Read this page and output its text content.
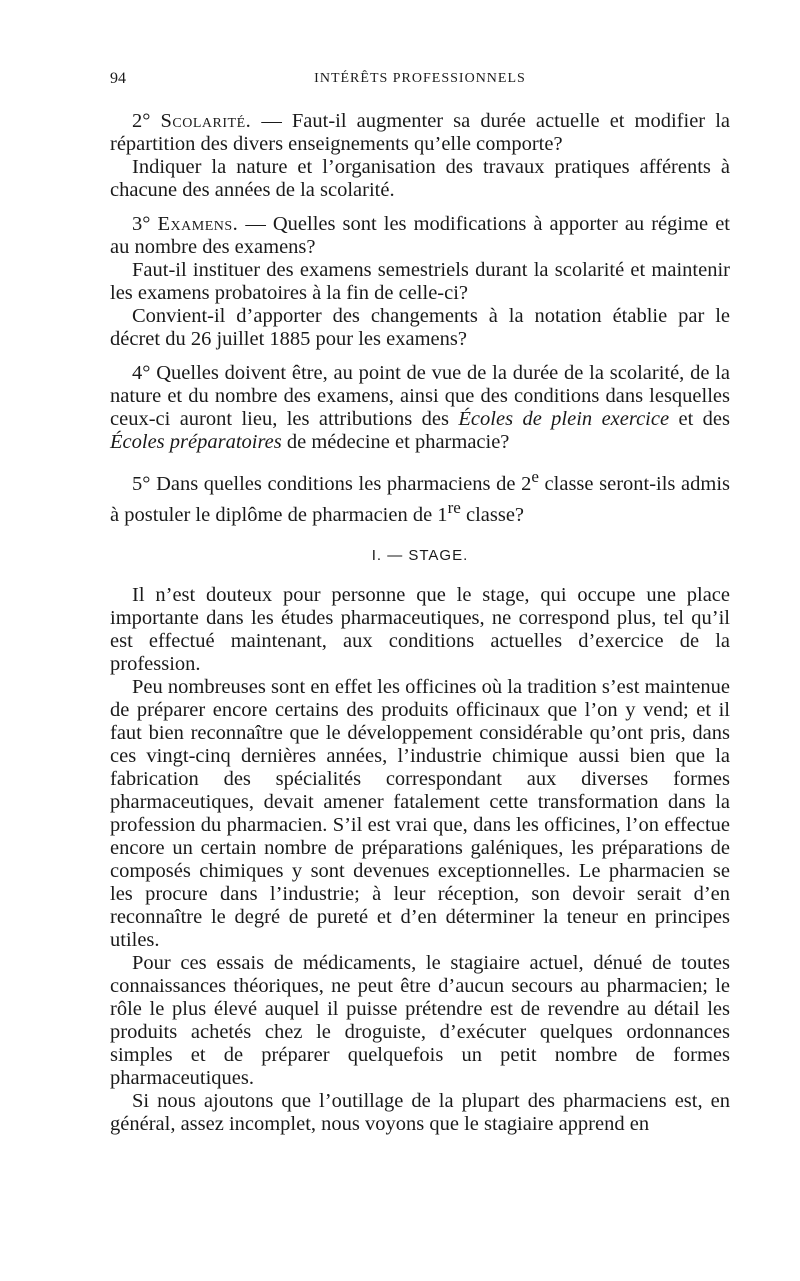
94	INTÉRÊTS PROFESSIONNELS

2° Scolarité. — Faut-il augmenter sa durée actuelle et modifier la répartition des divers enseignements qu’elle comporte?

Indiquer la nature et l’organisation des travaux pratiques afférents à chacune des années de la scolarité.

3° Examens. — Quelles sont les modifications à apporter au régime et au nombre des examens?

Faut-il instituer des examens semestriels durant la scolarité et maintenir les examens probatoires à la fin de celle-ci?

Convient-il d’apporter des changements à la notation établie par le décret du 26 juillet 1885 pour les examens?

4° Quelles doivent être, au point de vue de la durée de la scolarité, de la nature et du nombre des examens, ainsi que des conditions dans lesquelles ceux-ci auront lieu, les attributions des Écoles de plein exercice et des Écoles préparatoires de médecine et pharmacie?

5° Dans quelles conditions les pharmaciens de 2e classe seront-ils admis à postuler le diplôme de pharmacien de 1re classe?

I. — STAGE.

Il n’est douteux pour personne que le stage, qui occupe une place importante dans les études pharmaceutiques, ne correspond plus, tel qu’il est effectué maintenant, aux conditions actuelles d’exercice de la profession.

Peu nombreuses sont en effet les officines où la tradition s’est maintenue de préparer encore certains des produits officinaux que l’on y vend; et il faut bien reconnaître que le développement considérable qu’ont pris, dans ces vingt-cinq dernières années, l’industrie chimique aussi bien que la fabrication des spécialités correspondant aux diverses formes pharmaceutiques, devait amener fatalement cette transformation dans la profession du pharmacien. S’il est vrai que, dans les officines, l’on effectue encore un certain nombre de préparations galéniques, les préparations de composés chimiques y sont devenues exceptionnelles. Le pharmacien se les procure dans l’industrie; à leur réception, son devoir serait d’en reconnaître le degré de pureté et d’en déterminer la teneur en principes utiles.

Pour ces essais de médicaments, le stagiaire actuel, dénué de toutes connaissances théoriques, ne peut être d’aucun secours au pharmacien; le rôle le plus élevé auquel il puisse prétendre est de revendre au détail les produits achetés chez le droguiste, d’exécuter quelques ordonnances simples et de préparer quelquefois un petit nombre de formes pharmaceutiques.

Si nous ajoutons que l’outillage de la plupart des pharmaciens est, en général, assez incomplet, nous voyons que le stagiaire apprend en
